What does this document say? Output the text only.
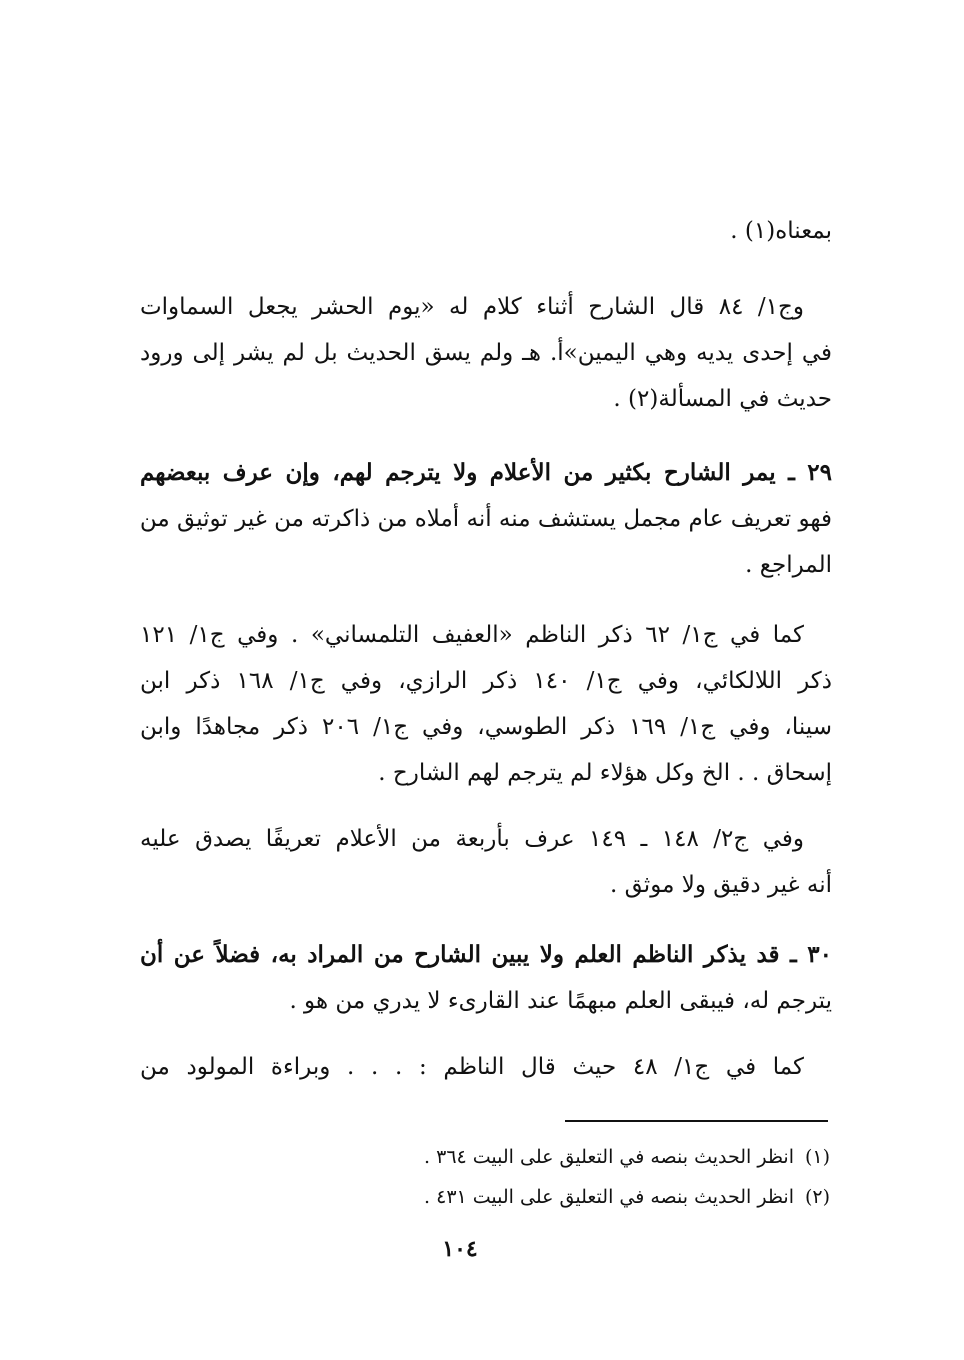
بمعناه(١) .
وج١/ ٨٤ قال الشارح أثناء كلام له «يوم الحشر يجعل السماوات
في إحدى يديه وهي اليمين»أ. هـ ولم يسق الحديث بل لم يشر إلى ورود
حديث في المسألة(٢) .
٢٩ ـ يمر الشارح بكثير من الأعلام ولا يترجم لهم، وإن عرف ببعضهم
فهو تعريف عام مجمل يستشف منه أنه أملاه من ذاكرته من غير توثيق من
المراجع .
كما في ج١/ ٦٢ ذكر الناظم «العفيف التلمساني» . وفي ج١/ ١٢١
ذكر اللالكائي، وفي ج١/ ١٤٠ ذكر الرازي، وفي ج١/ ١٦٨ ذكر ابن
سينا، وفي ج١/ ١٦٩ ذكر الطوسي، وفي ج١/ ٢٠٦ ذكر مجاهدًا وابن
إسحاق . . الخ وكل هؤلاء لم يترجم لهم الشارح .
وفي ج٢/ ١٤٨ ـ ١٤٩ عرف بأربعة من الأعلام تعريفًا يصدق عليه
أنه غير دقيق ولا موثق .
٣٠ ـ قد يذكر الناظم العلم ولا يبين الشارح من المراد به، فضلاً عن أن
يترجم له، فيبقى العلم مبهمًا عند القارىء لا يدري من هو .
كما في ج١/ ٤٨ حيث قال الناظم : . . . وبراءة المولود من
(١)انظر الحديث بنصه في التعليق على البيت ٣٦٤ .
(٢)انظر الحديث بنصه في التعليق على البيت ٤٣١ .
١٠٤
